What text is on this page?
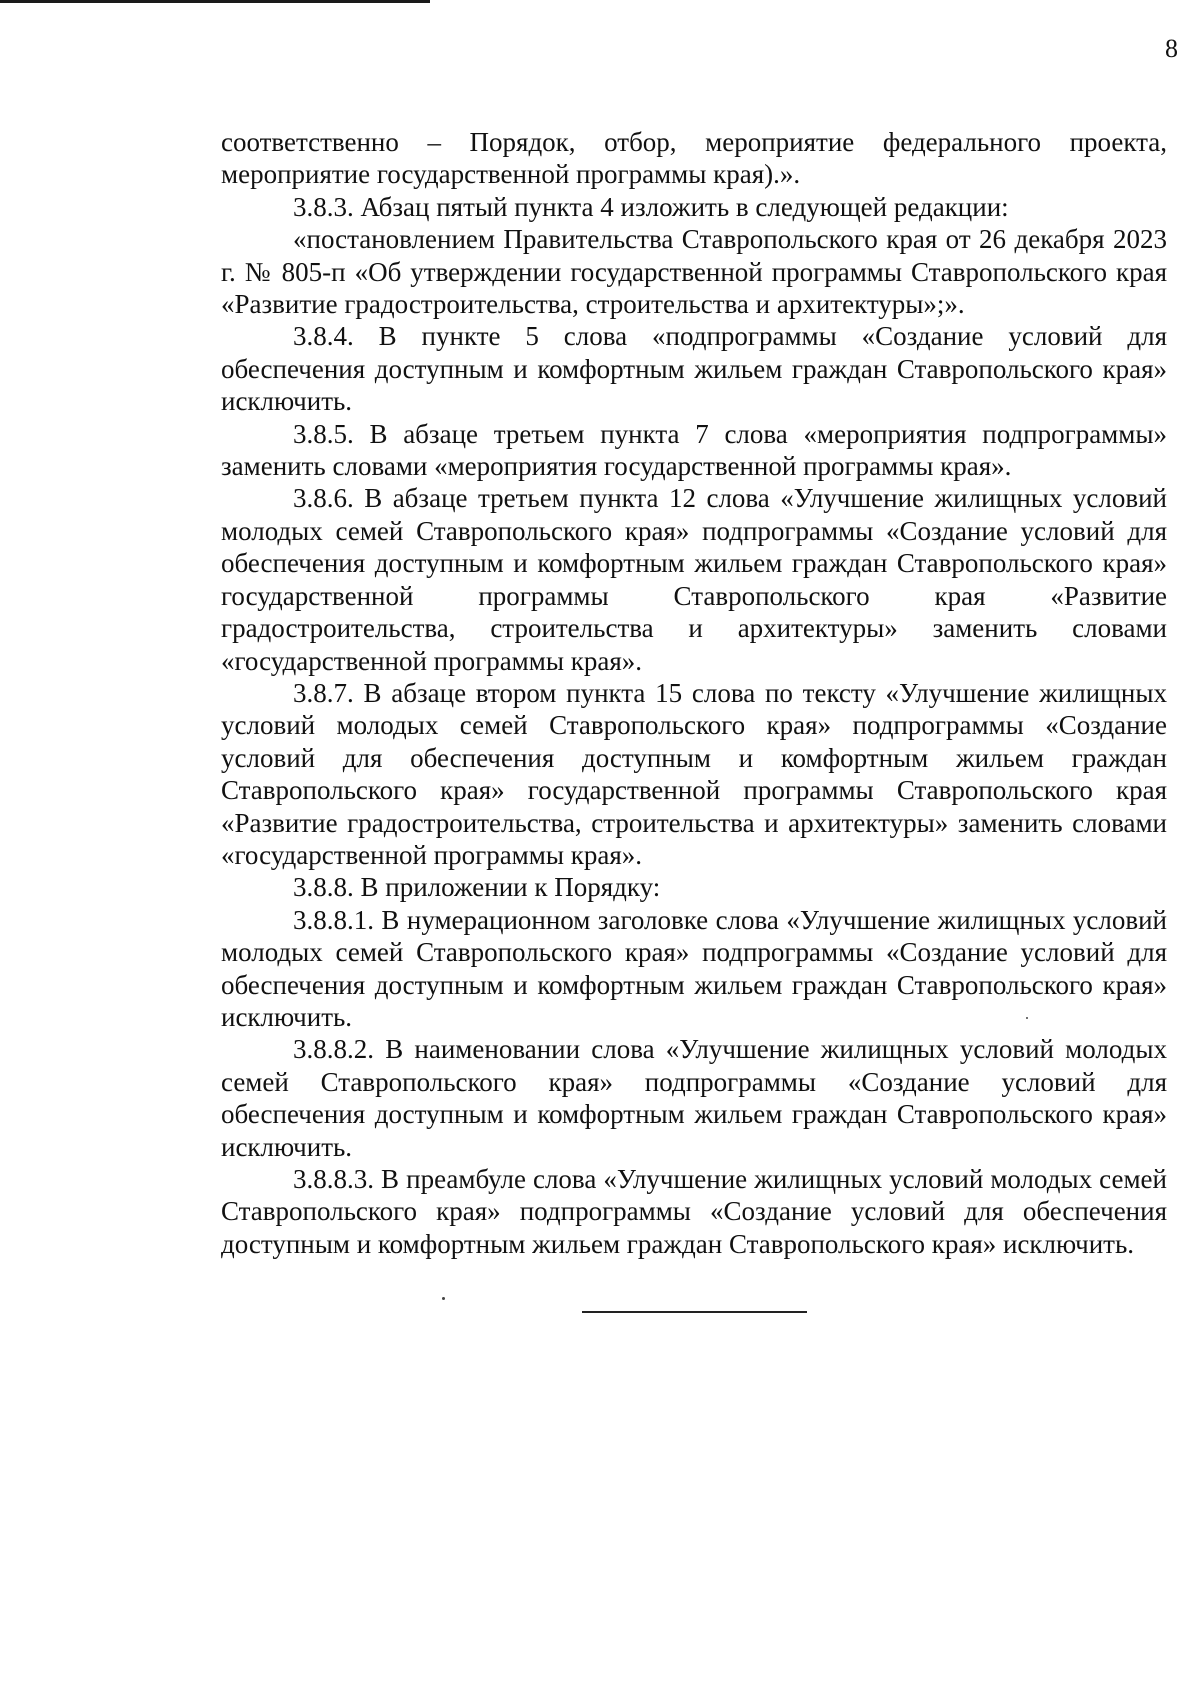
8

соответственно – Порядок, отбор, мероприятие федерального проекта, мероприятие государственной программы края).».

3.8.3. Абзац пятый пункта 4 изложить в следующей редакции:

«постановлением Правительства Ставропольского края от 26 декабря 2023 г. № 805-п «Об утверждении государственной программы Ставропольского края «Развитие градостроительства, строительства и архитектуры»;».

3.8.4. В пункте 5 слова «подпрограммы «Создание условий для обеспечения доступным и комфортным жильем граждан Ставропольского края» исключить.

3.8.5. В абзаце третьем пункта 7 слова «мероприятия подпрограммы» заменить словами «мероприятия государственной программы края».

3.8.6. В абзаце третьем пункта 12 слова «Улучшение жилищных условий молодых семей Ставропольского края» подпрограммы «Создание условий для обеспечения доступным и комфортным жильем граждан Ставропольского края» государственной программы Ставропольского края «Развитие градостроительства, строительства и архитектуры» заменить словами «государственной программы края».

3.8.7. В абзаце втором пункта 15 слова по тексту «Улучшение жилищных условий молодых семей Ставропольского края» подпрограммы «Создание условий для обеспечения доступным и комфортным жильем граждан Ставропольского края» государственной программы Ставропольского края «Развитие градостроительства, строительства и архитектуры» заменить словами «государственной программы края».

3.8.8. В приложении к Порядку:

3.8.8.1. В нумерационном заголовке слова «Улучшение жилищных условий молодых семей Ставропольского края» подпрограммы «Создание условий для обеспечения доступным и комфортным жильем граждан Ставропольского края» исключить.

3.8.8.2. В наименовании слова «Улучшение жилищных условий молодых семей Ставропольского края» подпрограммы «Создание условий для обеспечения доступным и комфортным жильем граждан Ставропольского края» исключить.

3.8.8.3. В преамбуле слова «Улучшение жилищных условий молодых семей Ставропольского края» подпрограммы «Создание условий для обеспечения доступным и комфортным жильем граждан Ставропольского края» исключить.
